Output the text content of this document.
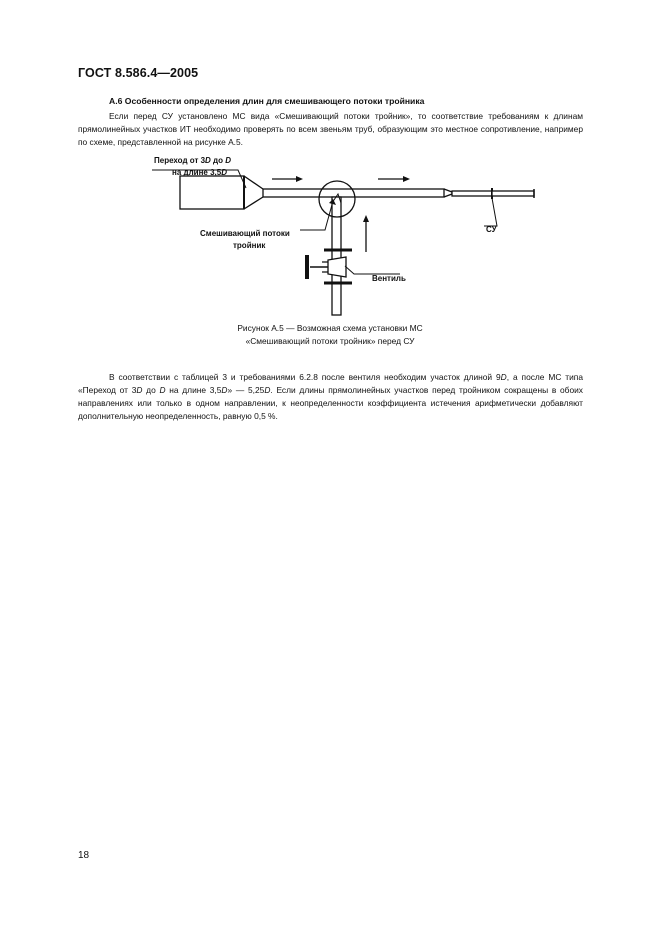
ГОСТ 8.586.4—2005
А.6 Особенности определения длин для смешивающего потоки тройника
Если перед СУ установлено МС вида «Смешивающий потоки тройник», то соответствие требованиям к длинам прямолинейных участков ИТ необходимо проверять по всем звеньям труб, образующим это местное сопротивление, например по схеме, представленной на рисунке А.5.
Переход от 3D до D
на длине 3,5D
Смешивающий потоки
тройник
Вентиль
СУ
Рисунок А.5 — Возможная схема установки МС
«Смешивающий потоки тройник» перед СУ
В соответствии с таблицей 3 и требованиями 6.2.8 после вентиля необходим участок длиной 9D, а после МС типа «Переход от 3D до D на длине 3,5D» — 5,25D. Если длины прямолинейных участков перед тройником сокращены в обоих направлениях или только в одном направлении, к неопределенности коэффициента истечения арифметически добавляют дополнительную неопределенность, равную 0,5 %.
18
